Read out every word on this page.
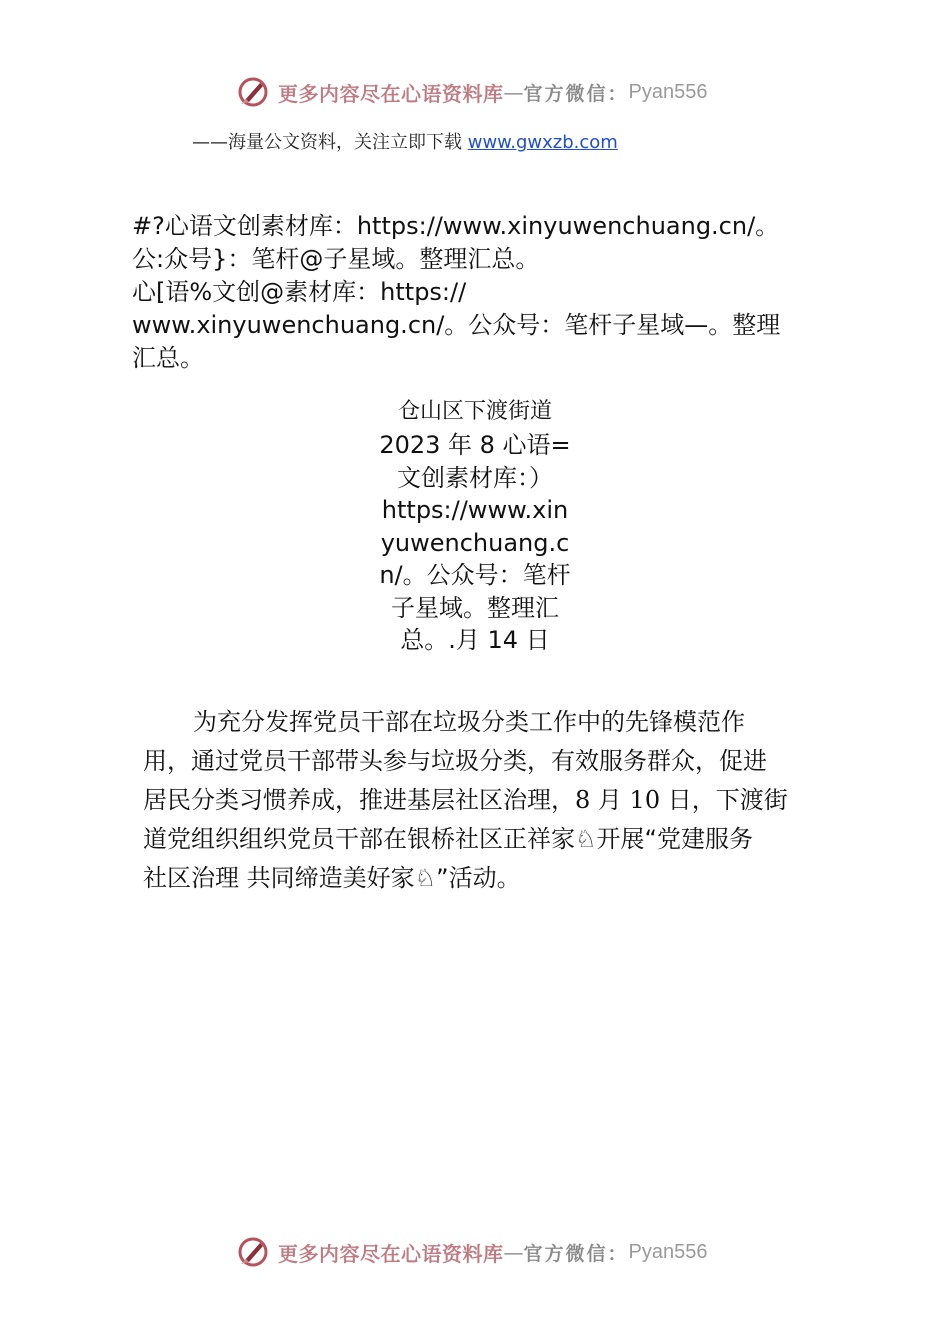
更多内容尽在心语资料库 — 官方微信： Pyan556
——海量公文资料，关注立即下载 www.gwxzb.com

#?心语文创素材库：https://www.xinyuwenchuang.cn/。

公:众号}：笔杆@子星域。整理汇总。

心[语%文创@素材库：https://

www.xinyuwenchuang.cn/。公众号：笔杆子星域—。整理

汇总。

仓山区下渡街道
2023 年 8 心语=
文创素材库：）
https://www.xin
yuwenchuang.c
n/。公众号：笔杆
子星域。整理汇
总。.月 14 日

为充分发挥党员干部在垃圾分类工作中的先锋模范作

用，通过党员干部带头参与垃圾分类，有效服务群众，促进

居民分类习惯养成，推进基层社区治理，8 月 10 日，下渡街

道党组织组织党员干部在银桥社区正祥家♘开展“党建服务

社区治理 共同缔造美好家♘”活动。

更多内容尽在心语资料库 — 官方微信： Pyan556
